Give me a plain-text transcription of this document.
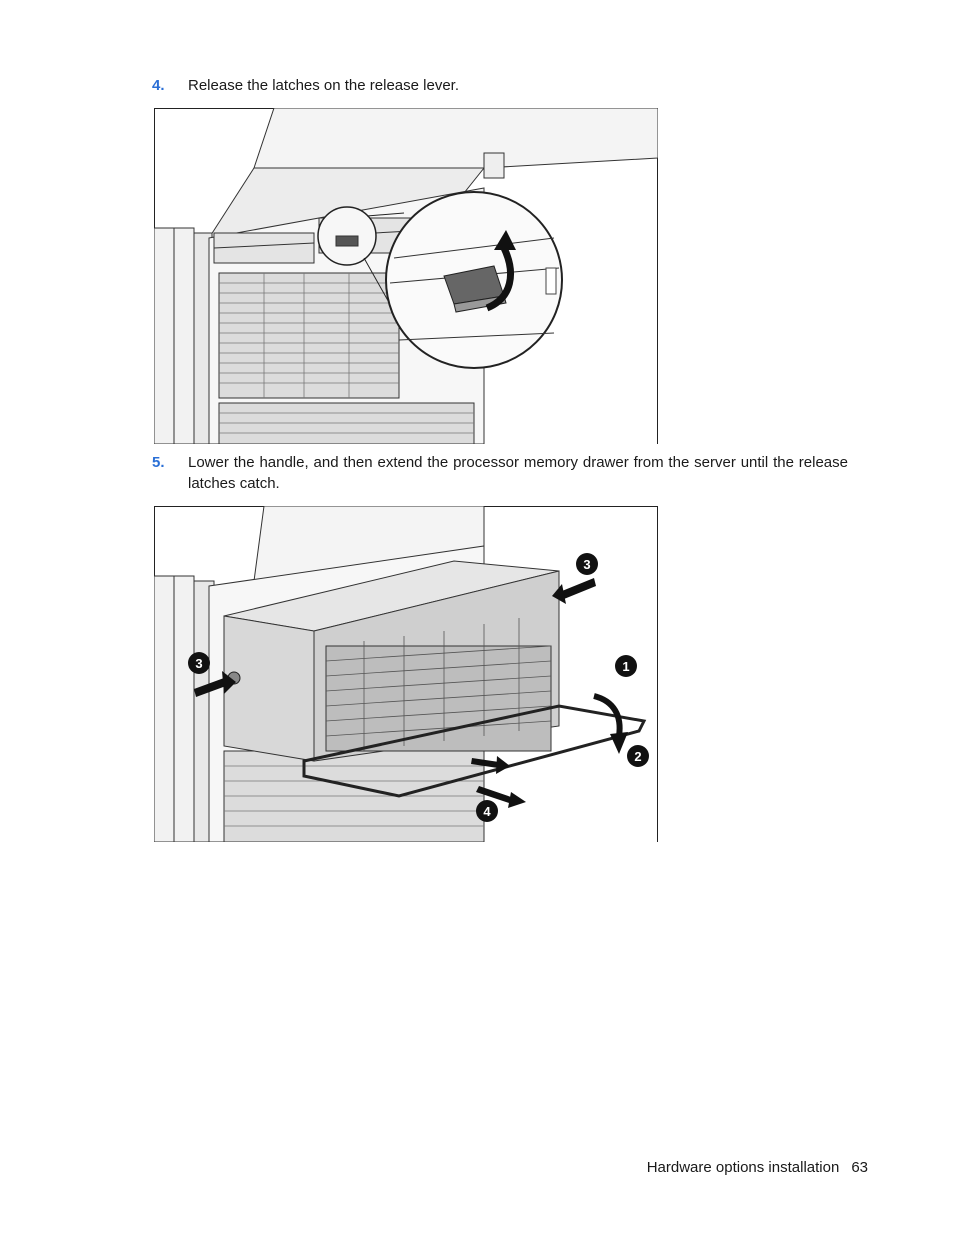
4. Release the latches on the release lever.
5. Lower the handle, and then extend the processor memory drawer from the server until the release latches catch.
3
1
2
3
4
Hardware options installation 63
